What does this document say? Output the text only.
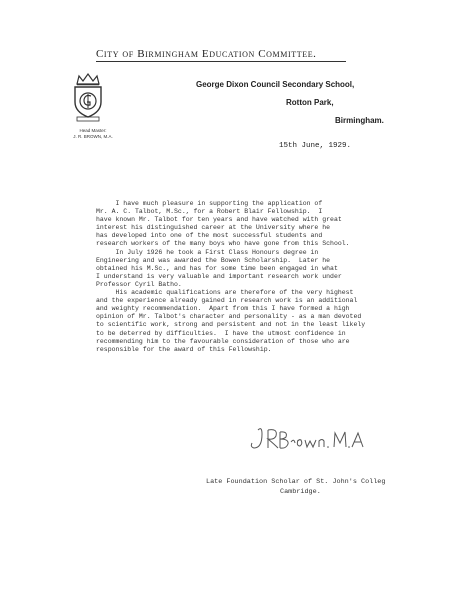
City of Birmingham Education Committee.
Head Master:
J. R. BROWN, M.A.
George Dixon Council Secondary School,
Rotton Park,
Birmingham.
15th June, 1929.
I have much pleasure in supporting the application of
Mr. A. C. Talbot, M.Sc., for a Robert Blair Fellowship.  I
have known Mr. Talbot for ten years and have watched with great
interest his distinguished career at the University where he
has developed into one of the most successful students and
research workers of the many boys who have gone from this School.
In July 1926 he took a First Class Honours degree in
Engineering and was awarded the Bowen Scholarship.  Later he
obtained his M.Sc., and has for some time been engaged in what
I understand is very valuable and important research work under
Professor Cyril Batho.
His academic qualifications are therefore of the very highest
and the experience already gained in research work is an additional
and weighty recommendation.  Apart from this I have formed a high
opinion of Mr. Talbot's character and personality - as a man devoted
to scientific work, strong and persistent and not in the least likely
to be deterred by difficulties.  I have the utmost confidence in
recommending him to the favourable consideration of those who are
responsible for the award of this Fellowship.
Late Foundation Scholar of St. John's Colleg
Cambridge.
